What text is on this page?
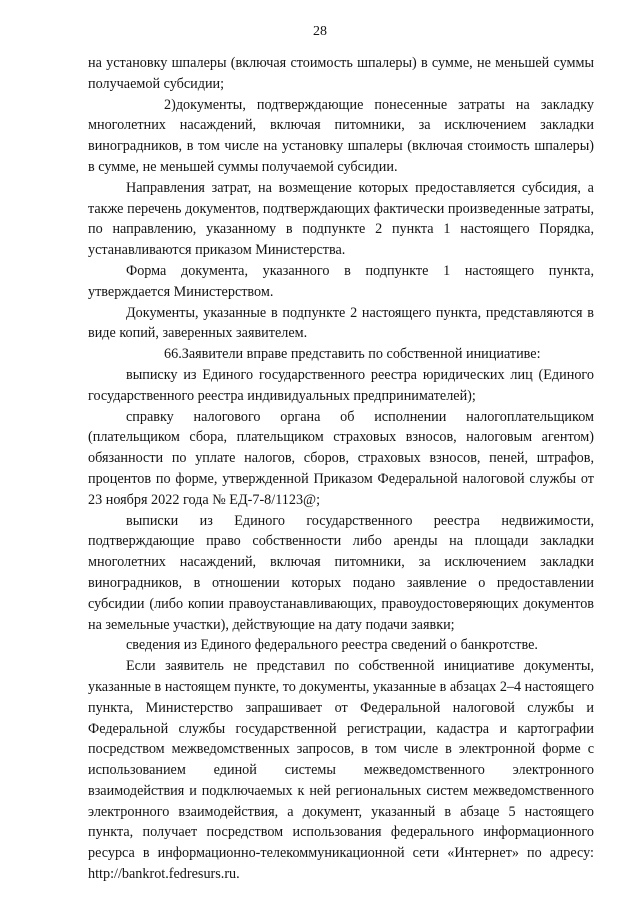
28

на установку шпалеры (включая стоимость шпалеры) в сумме, не меньшей суммы получаемой субсидии;

2)документы, подтверждающие понесенные затраты на закладку многолетних насаждений, включая питомники, за исключением закладки виноградников, в том числе на установку шпалеры (включая стоимость шпалеры) в сумме, не меньшей суммы получаемой субсидии.

Направления затрат, на возмещение которых предоставляется субсидия, а также перечень документов, подтверждающих фактически произведенные затраты, по направлению, указанному в подпункте 2 пункта 1 настоящего Порядка, устанавливаются приказом Министерства.

Форма документа, указанного в подпункте 1 настоящего пункта, утверждается Министерством.

Документы, указанные в подпункте 2 настоящего пункта, представляются в виде копий, заверенных заявителем.

66.Заявители вправе представить по собственной инициативе:

выписку из Единого государственного реестра юридических лиц (Единого государственного реестра индивидуальных предпринимателей);

справку налогового органа об исполнении налогоплательщиком (плательщиком сбора, плательщиком страховых взносов, налоговым агентом) обязанности по уплате налогов, сборов, страховых взносов, пеней, штрафов, процентов по форме, утвержденной Приказом Федеральной налоговой службы от 23 ноября 2022 года № ЕД-7-8/1123@;

выписки из Единого государственного реестра недвижимости, подтверждающие право собственности либо аренды на площади закладки многолетних насаждений, включая питомники, за исключением закладки виноградников, в отношении которых подано заявление о предоставлении субсидии (либо копии правоустанавливающих, правоудостоверяющих документов на земельные участки), действующие на дату подачи заявки;

сведения из Единого федерального реестра сведений о банкротстве.

Если заявитель не представил по собственной инициативе документы, указанные в настоящем пункте, то документы, указанные в абзацах 2–4 настоящего пункта, Министерство запрашивает от Федеральной налоговой службы и Федеральной службы государственной регистрации, кадастра и картографии посредством межведомственных запросов, в том числе в электронной форме с использованием единой системы межведомственного электронного взаимодействия и подключаемых к ней региональных систем межведомственного электронного взаимодействия, а документ, указанный в абзаце 5 настоящего пункта, получает посредством использования федерального информационного ресурса в информационно-телекоммуникационной сети «Интернет» по адресу: http://bankrot.fedresurs.ru.
